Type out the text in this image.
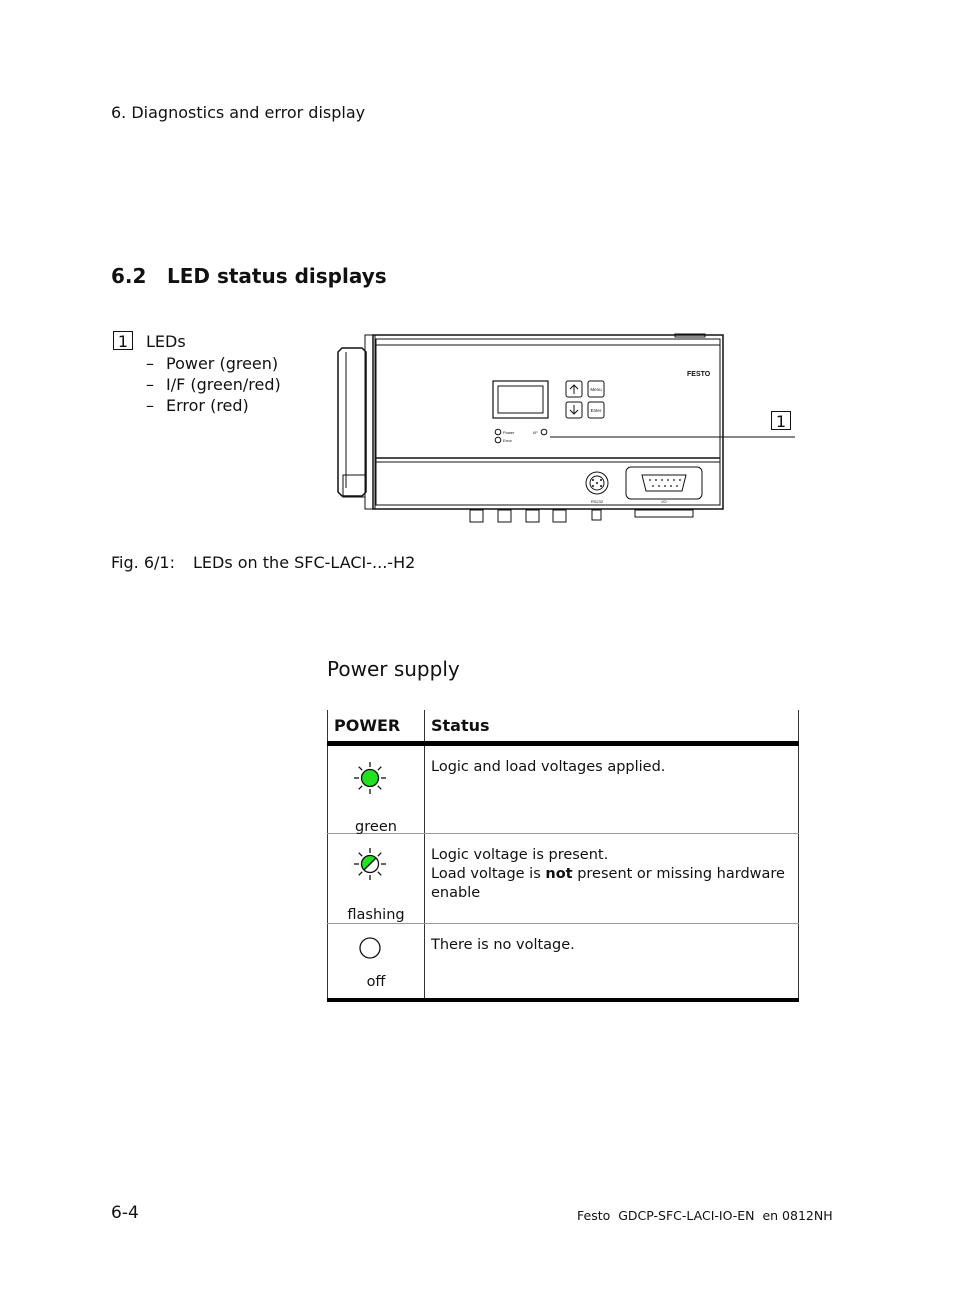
6. Diagnostics and error display
6.2 LED status displays
1	LEDs
– Power (green)
– I/F (green/red)
– Error (red)
FESTO
Menu
Enter
Power
Error
I/F
RS232	I/O
1
Fig. 6/1: LEDs on the SFC-LACI-...-H2
Power supply
POWER	Status

green	Logic and load voltages applied.

flashing	Logic voltage is present.
Load voltage is not present or missing hardware enable

off	There is no voltage.
6-4	Festo  GDCP-SFC-LACI-IO-EN  en 0812NH
